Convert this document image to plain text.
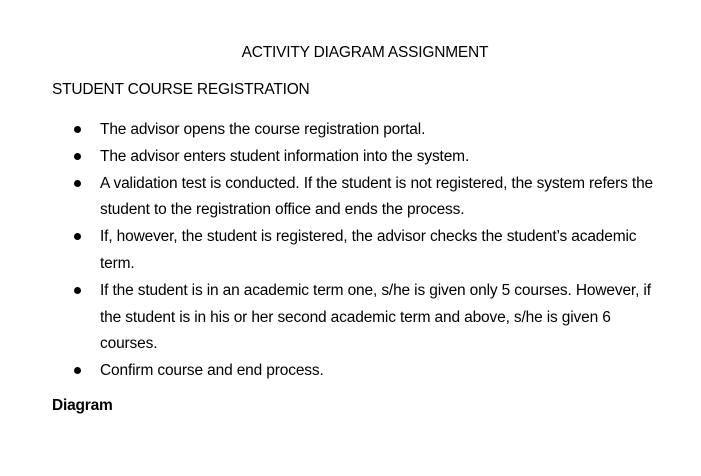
ACTIVITY DIAGRAM ASSIGNMENT
STUDENT COURSE REGISTRATION
The advisor opens the course registration portal.
The advisor enters student information into the system.
A validation test is conducted. If the student is not registered, the system refers the student to the registration office and ends the process.
If, however, the student is registered, the advisor checks the student’s academic term.
If the student is in an academic term one, s/he is given only 5 courses. However, if the student is in his or her second academic term and above, s/he is given 6 courses.
Confirm course and end process.
Diagram
